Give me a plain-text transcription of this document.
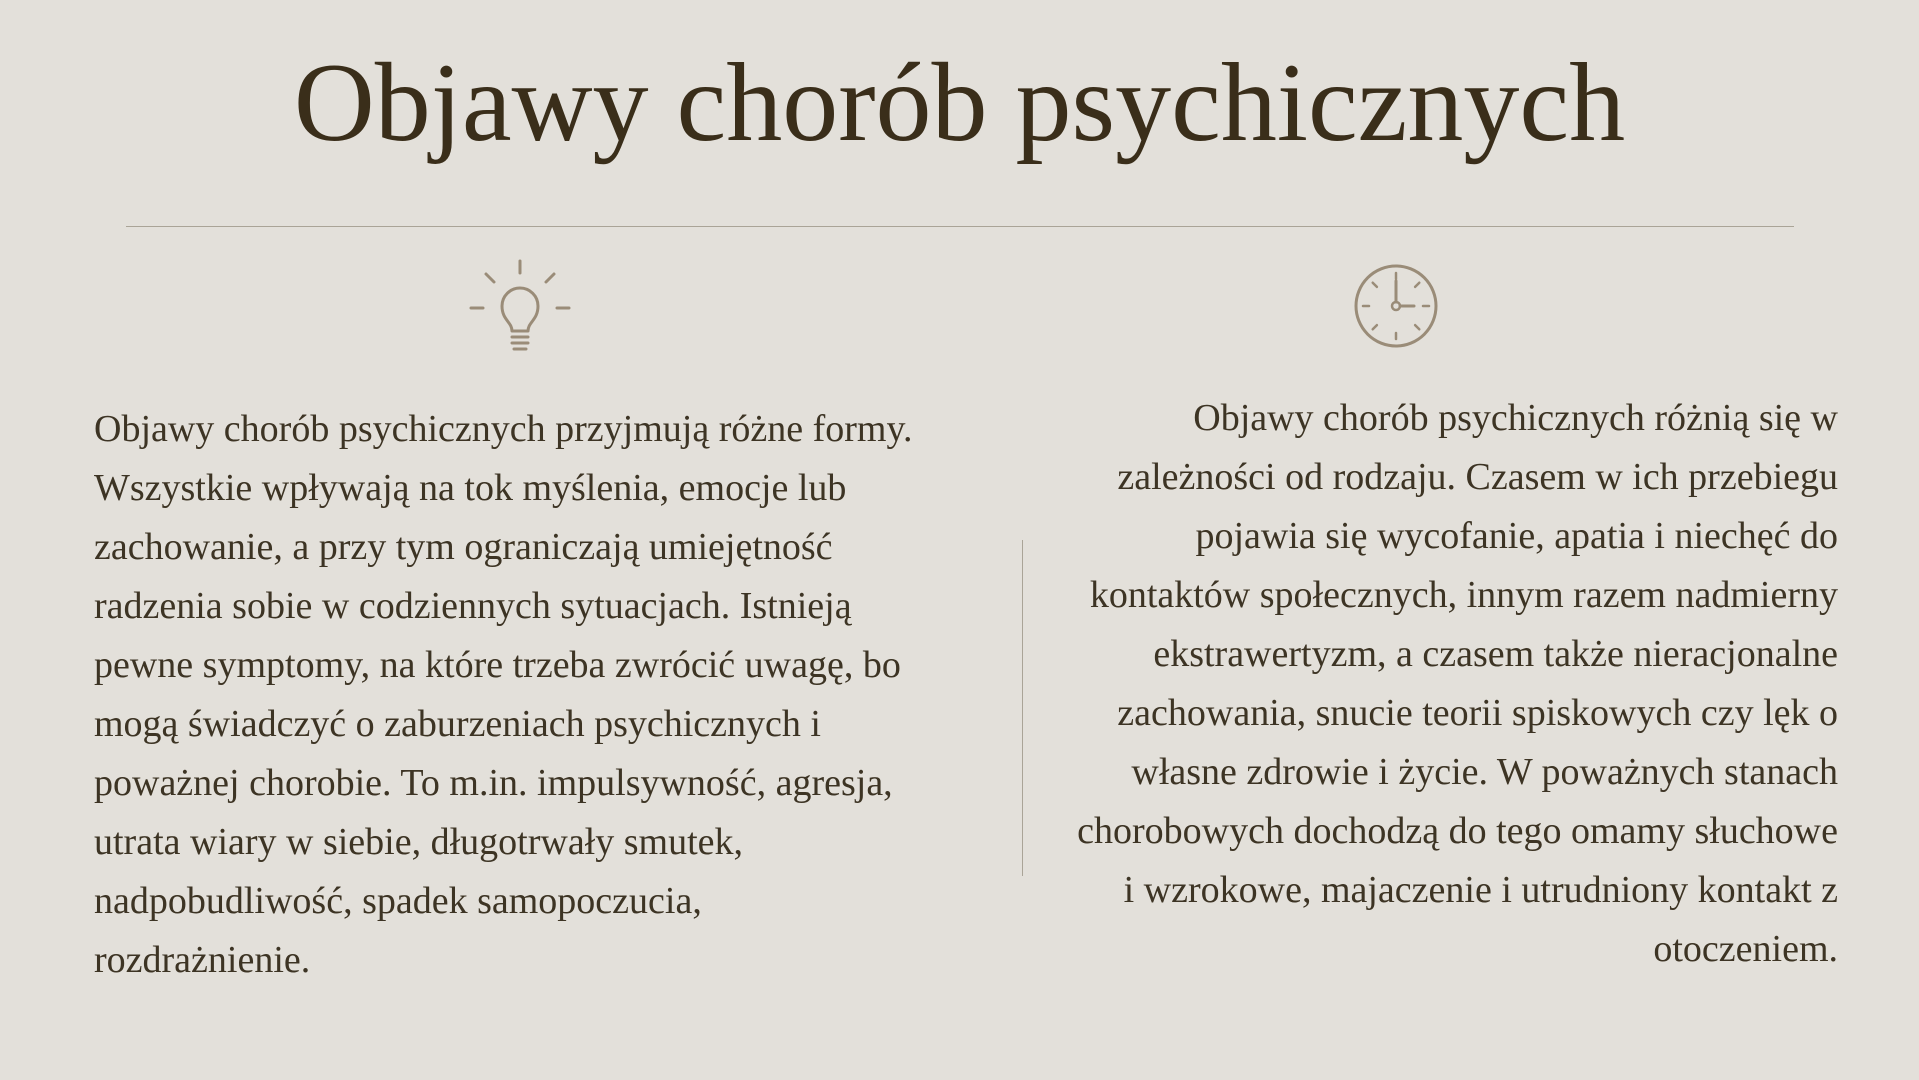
Objawy chorób psychicznych

Objawy chorób psychicznych przyjmują różne formy.
Wszystkie wpływają na tok myślenia, emocje lub
zachowanie, a przy tym ograniczają umiejętność
radzenia sobie w codziennych sytuacjach. Istnieją
pewne symptomy, na które trzeba zwrócić uwagę, bo
mogą świadczyć o zaburzeniach psychicznych i
poważnej chorobie. To m.in. impulsywność, agresja,
utrata wiary w siebie, długotrwały smutek,
nadpobudliwość, spadek samopoczucia,
rozdrażnienie.

Objawy chorób psychicznych różnią się w
zależności od rodzaju. Czasem w ich przebiegu
pojawia się wycofanie, apatia i niechęć do
kontaktów społecznych, innym razem nadmierny
ekstrawertyzm, a czasem także nieracjonalne
zachowania, snucie teorii spiskowych czy lęk o
własne zdrowie i życie. W poważnych stanach
chorobowych dochodzą do tego omamy słuchowe
i wzrokowe, majaczenie i utrudniony kontakt z
otoczeniem.
